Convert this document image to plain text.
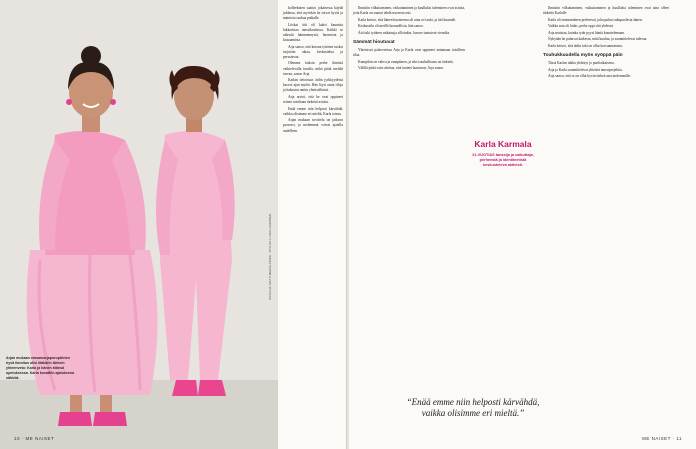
Arjan mukaan varsamarjaporopäivien hyvä ilmoitus olisi lääkärin tärkein yhteenveto: Karla ja hänen äitinsä opetuksessa. Karla kuvattiin ajatuksena sähköä.
KUVAAJA: MATTI MEIKÄLÄINEN · STYLISTI: LIISA LUOMINEN

kolleeknien saattoi jokaisessa käydä juhlassa, että myöskin he toivat hyviä ja mainiota ruokaa paikalle.

Liiskat äiti oli kaksi kaunista lukkoriitaa tanssikoulussa. Kaikki se aiheutti hämmennystä, huomiota ja kiusaamista.

Arja sanoo, että kotona tyttären tuoksi tarjottiin aikaa, keskustelua ja perustavaa.

Olemme kaksin perhe ihmisiä vaihtelevalla tavalla, mikä pitää meidät turvaa, sanoo Arja.

Karlan tietoisuus äidin jyrkkyydestä kasvoi ajan myötä. Hän löysi omia tiloja ja hakeutui omiin yhteisöihinsä.

Arja arvioi, että he ovat oppineet toinen toisiltaan tärkeitä asioita.

Enää emme niin helposti kärvähdä, vaikka olisimme eri mieltä, Karla toteaa.

Arjan mukaan sovittelu on jatkuva prosessi, ja molemmat voivat ajatella uudelleen.

10 · ME NAISET

Ihmisiin vilkuttaminen, vaikuttaminen ja kuulluksi tuleminen ovat asioita, joita Karla on saanut tehdä nuoresta asti.

Karla kertoo, että hänen huoneensa oli aina ovi auki, ja äiti kuunteli.

Keskustelu oli meillä luonnollista, hän sanoo.

Äiti tuki tyttären ratkaisuja silloinkin, kun ne tuntuivat vierailta.

Sämmät hioutuvat

Yhteisissä palavereissa Arja ja Karla ovat oppineet antamaan toisilleen tilaa.

Kumpikin on vahva ja omapäinen, ja siksi rauhallisuus on tärkeää.

Välillä pitää vain odottaa, että tunteet laantuvat, Arja sanoo.

Karla Karmala
21-VUOTIAS tanssija ja vaikuttaja, perheestä ja identiteetistä keskusteleva aktivisti.

Ihmisiin vilkuttaminen, vaikuttaminen ja kuulluksi tuleminen ovat aina olleet tärkeitä Karlalle.

Karla oli ensimmäinen perheessä, joka puhui sukupuolesta äänen.

Vaikka asia oli hidas, perhe oppi sitä yhdessä.

Arja muistaa, kuinka tytär pyysi häntä kuuntelemaan.

Nykyään he puhuvat kaikesta, mitä kuuluu, ja suunnittelevat tulevaa.

Karla kertoo, että äidin tuki on ollut korvaamatonta.

Touhukkuudella myös syöppä päin

Tässä Karlan tukka yhdistyi jo puoliaikaisena.

Arja ja Karla suunnittelevat yhteistä tanssiprojektia.

Arja sanoo, että se on ollut hyvin tärkeä asia molemmille.

ME NAISET · 11
“Enää emme niin helposti kärvähdä, vaikka olisimme eri mieltä.”
